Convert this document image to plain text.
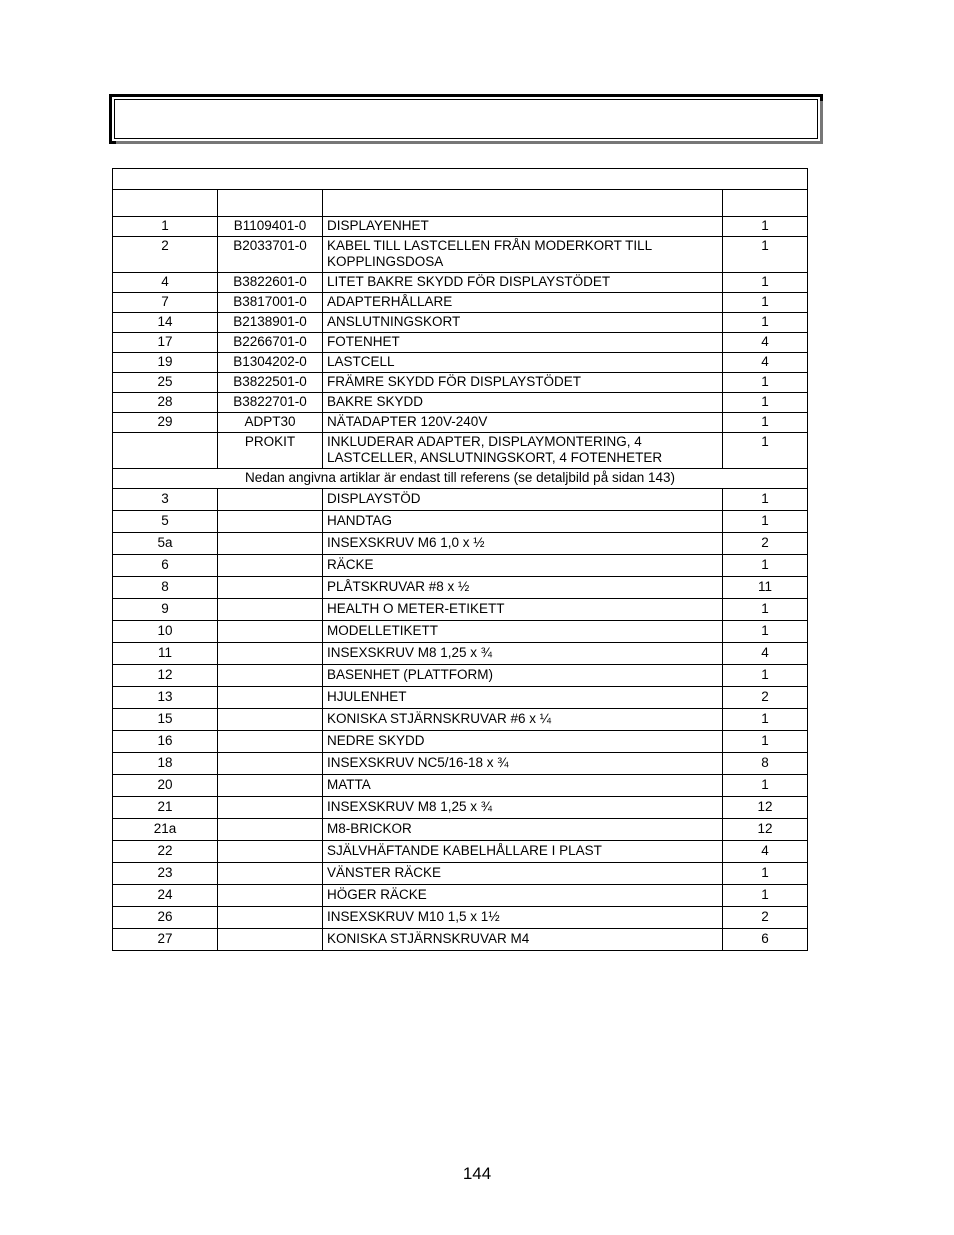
1	B1109401-0	DISPLAYENHET	1
2	B2033701-0	KABEL TILL LASTCELLEN FRÅN MODERKORT TILL KOPPLINGSDOSA	1
4	B3822601-0	LITET BAKRE SKYDD FÖR DISPLAYSTÖDET	1
7	B3817001-0	ADAPTERHÅLLARE	1
14	B2138901-0	ANSLUTNINGSKORT	1
17	B2266701-0	FOTENHET	4
19	B1304202-0	LASTCELL	4
25	B3822501-0	FRÄMRE SKYDD FÖR DISPLAYSTÖDET	1
28	B3822701-0	BAKRE SKYDD	1
29	ADPT30	NÄTADAPTER 120V-240V	1
	PROKIT	INKLUDERAR ADAPTER, DISPLAYMONTERING, 4 LASTCELLER, ANSLUTNINGSKORT, 4 FOTENHETER	1
Nedan angivna artiklar är endast till referens (se detaljbild på sidan 143)			
3		DISPLAYSTÖD	1
5		HANDTAG	1
5a		INSEXSKRUV M6 1,0 x ½	2
6		RÄCKE	1
8		PLÅTSKRUVAR #8 x ½	11
9		HEALTH O METER-ETIKETT	1
10		MODELLETIKETT	1
11		INSEXSKRUV M8 1,25 x ¾	4
12		BASENHET (PLATTFORM)	1
13		HJULENHET	2
15		KONISKA STJÄRNSKRUVAR #6 x ¼	1
16		NEDRE SKYDD	1
18		INSEXSKRUV NC5/16-18 x ¾	8
20		MATTA	1
21		INSEXSKRUV M8 1,25 x ¾	12
21a		M8-BRICKOR	12
22		SJÄLVHÄFTANDE KABELHÅLLARE I PLAST	4
23		VÄNSTER RÄCKE	1
24		HÖGER RÄCKE	1
26		INSEXSKRUV M10 1,5 x 1½	2
27		KONISKA STJÄRNSKRUVAR M4	6
144
